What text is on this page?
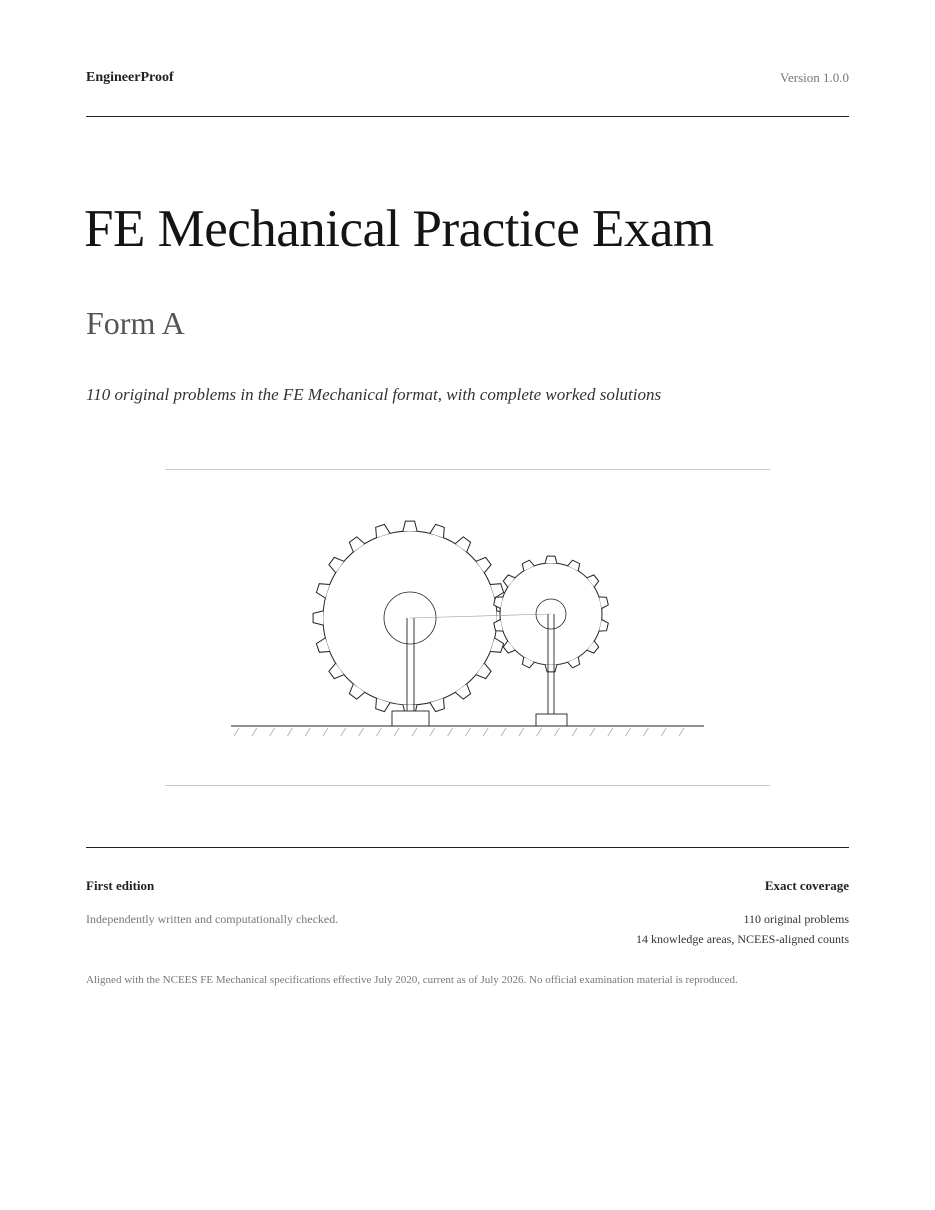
EngineerProof	Version 1.0.0
FE Mechanical Practice Exam
Form A
110 original problems in the FE Mechanical format, with complete worked solutions
First edition	Exact coverage
Independently written and computationally checked.	110 original problems
14 knowledge areas, NCEES-aligned counts
Aligned with the NCEES FE Mechanical specifications effective July 2020, current as of July 2026. No official examination material is reproduced.
